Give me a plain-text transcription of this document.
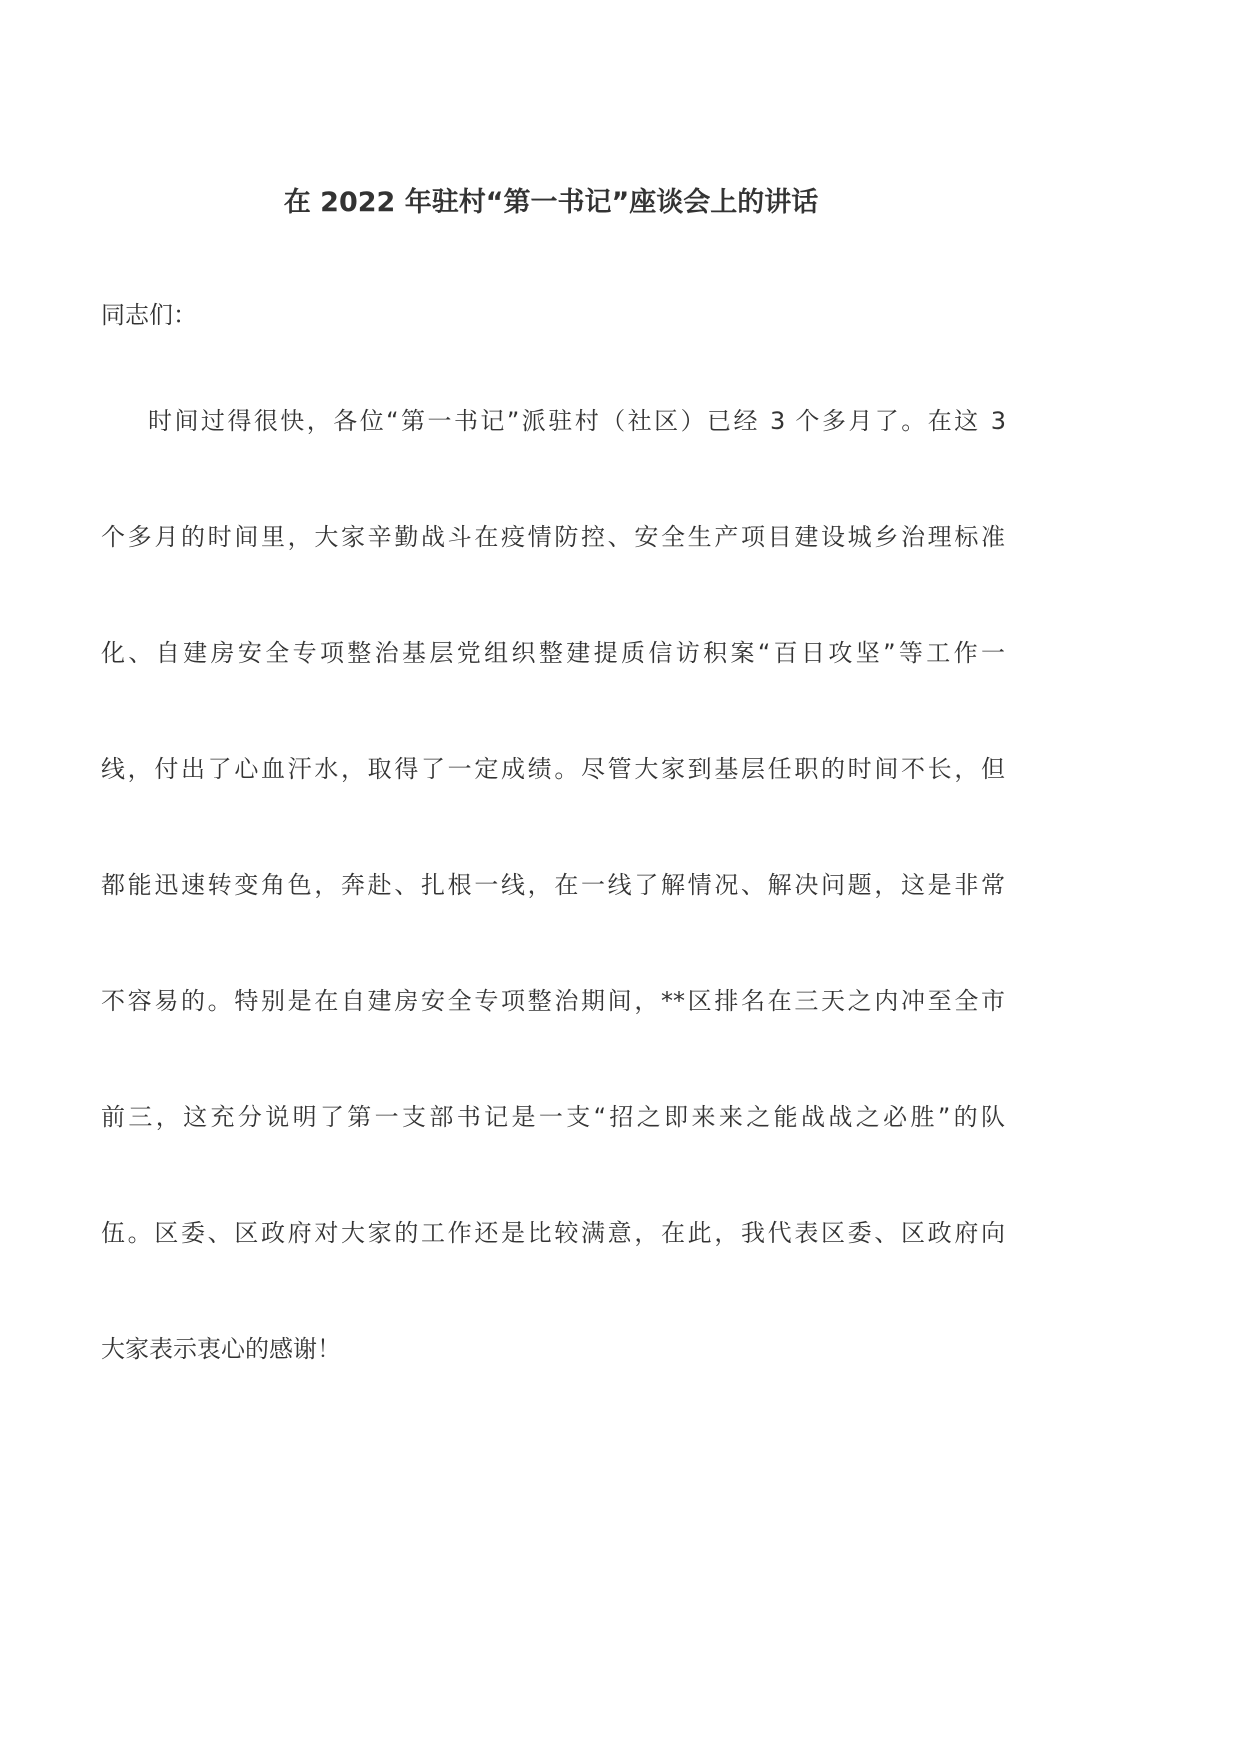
在 2022 年驻村“第一书记”座谈会上的讲话
同志们：
时间过得很快，各位“第一书记”派驻村（社区）已经 3 个多月了。在这 3
个多月的时间里，大家辛勤战斗在疫情防控、安全生产项目建设城乡治理标准
化、自建房安全专项整治基层党组织整建提质信访积案“百日攻坚”等工作一
线，付出了心血汗水，取得了一定成绩。尽管大家到基层任职的时间不长，但
都能迅速转变角色，奔赴、扎根一线，在一线了解情况、解决问题，这是非常
不容易的。特别是在自建房安全专项整治期间，**区排名在三天之内冲至全市
前三，这充分说明了第一支部书记是一支“招之即来来之能战战之必胜”的队
伍。区委、区政府对大家的工作还是比较满意，在此，我代表区委、区政府向
大家表示衷心的感谢！
